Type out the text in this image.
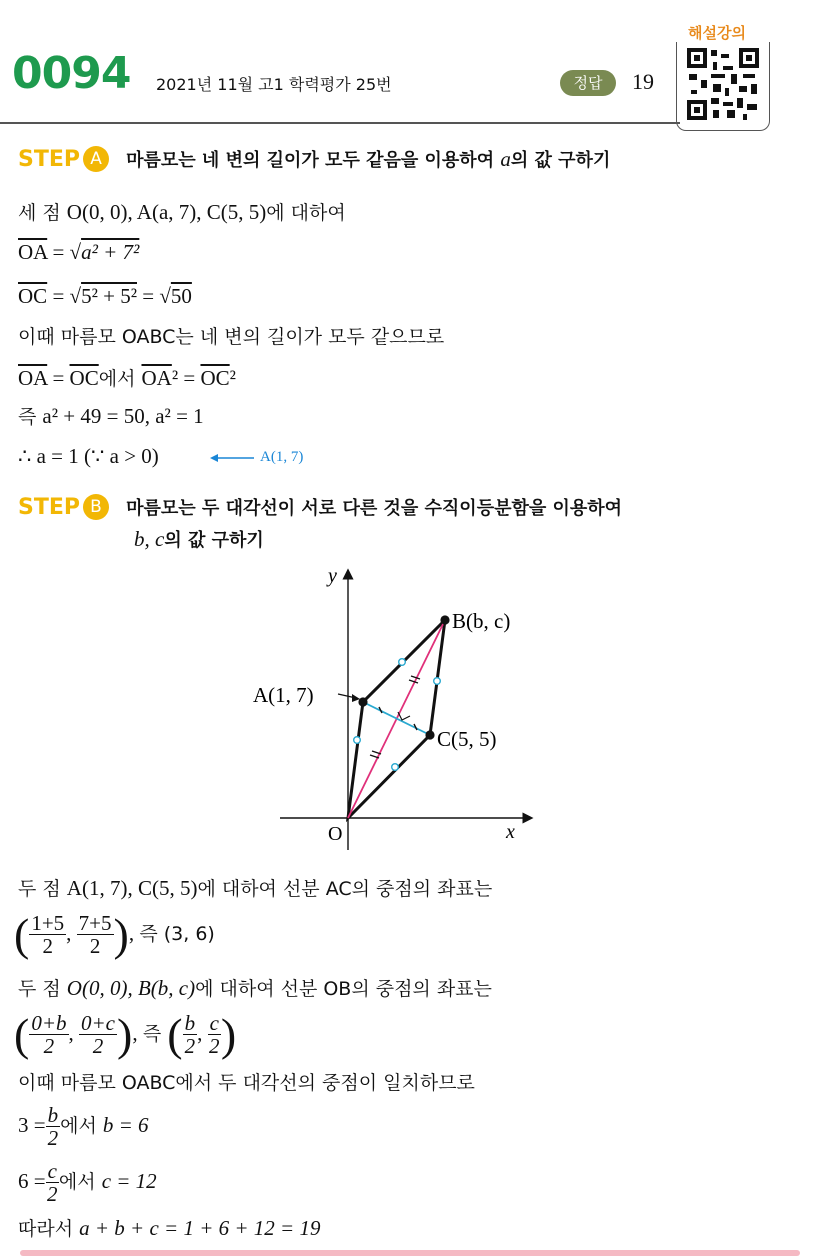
0094 2021년 11월 고1 학력평가 25번	정답	19
해설강의
STEP A 마름모는 네 변의 길이가 모두 같음을 이용하여 a의 값 구하기
세 점 O(0, 0), A(a, 7), C(5, 5)에 대하여
$\overline{OA} = √a^2 + 7^2$
$\overline{OC} = √5^2 + 5^2 = √50$
이때 마름모 OABC는 네 변의 길이가 모두 같으므로
$\overline{OA} = \overline{OC}$에서 $\overline{OA}^2 = \overline{OC}^2$
즉 a² + 49 = 50, a² = 1
∴ a = 1 (∵ a > 0)	A(1, 7)
STEP B 마름모는 두 대각선이 서로 다른 것을 수직이등분함을 이용하여
b, c의 값 구하기
y
x
O
A(1, 7)
B(b, c)
C(5, 5)
두 점 A(1, 7), C(5, 5)에 대하여 선분 AC의 중점의 좌표는
( $\frac{1+5}{2}$ , $\frac{7+5}{2}$ ), 즉 (3, 6)
두 점 O(0, 0), B(b, c)에 대하여 선분 OB의 중점의 좌표는
( $\frac{0+b}{2}$ , $\frac{0+c}{2}$ ), 즉 ( $\frac{b}{2}$ , $\frac{c}{2}$ )
이때 마름모 OABC에서 두 대각선의 중점이 일치하므로
$3 = \frac{b}{2}$ 에서 b = 6
$6 = \frac{c}{2}$ 에서 c = 12
따라서 a + b + c = 1 + 6 + 12 = 19
